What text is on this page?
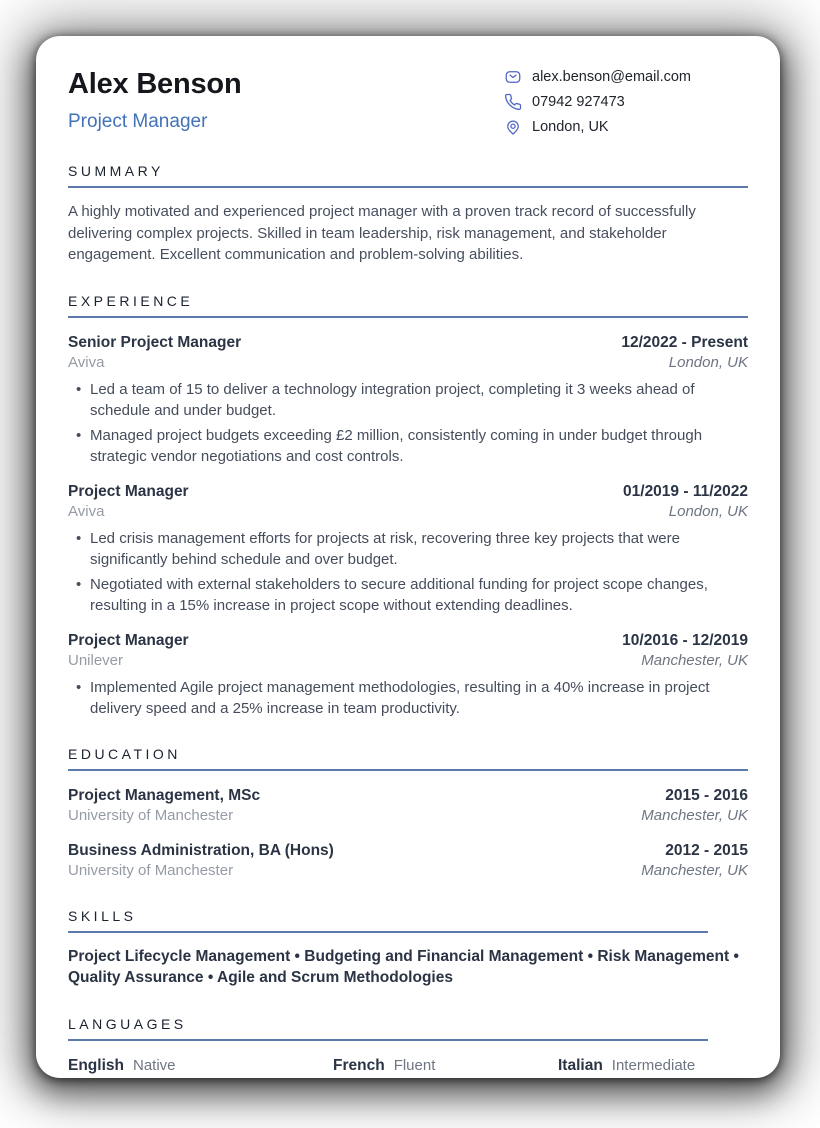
Alex Benson
Project Manager
alex.benson@email.com
07942 927473
London, UK
SUMMARY

A highly motivated and experienced project manager with a proven track record of successfully delivering complex projects. Skilled in team leadership, risk management, and stakeholder engagement. Excellent communication and problem-solving abilities.

EXPERIENCE
Senior Project Manager	12/2022 - Present
Aviva	London, UK
• Led a team of 15 to deliver a technology integration project, completing it 3 weeks ahead of schedule and under budget.
• Managed project budgets exceeding £2 million, consistently coming in under budget through strategic vendor negotiations and cost controls.
Project Manager	01/2019 - 11/2022
Aviva	London, UK
• Led crisis management efforts for projects at risk, recovering three key projects that were significantly behind schedule and over budget.
• Negotiated with external stakeholders to secure additional funding for project scope changes, resulting in a 15% increase in project scope without extending deadlines.
Project Manager	10/2016 - 12/2019
Unilever	Manchester, UK
• Implemented Agile project management methodologies, resulting in a 40% increase in project delivery speed and a 25% increase in team productivity.
EDUCATION
Project Management, MSc	2015 - 2016
University of Manchester	Manchester, UK
Business Administration, BA (Hons)	2012 - 2015
University of Manchester	Manchester, UK
SKILLS

Project Lifecycle Management • Budgeting and Financial Management • Risk Management • Quality Assurance • Agile and Scrum Methodologies

LANGUAGES
English Native	French Fluent	Italian Intermediate
